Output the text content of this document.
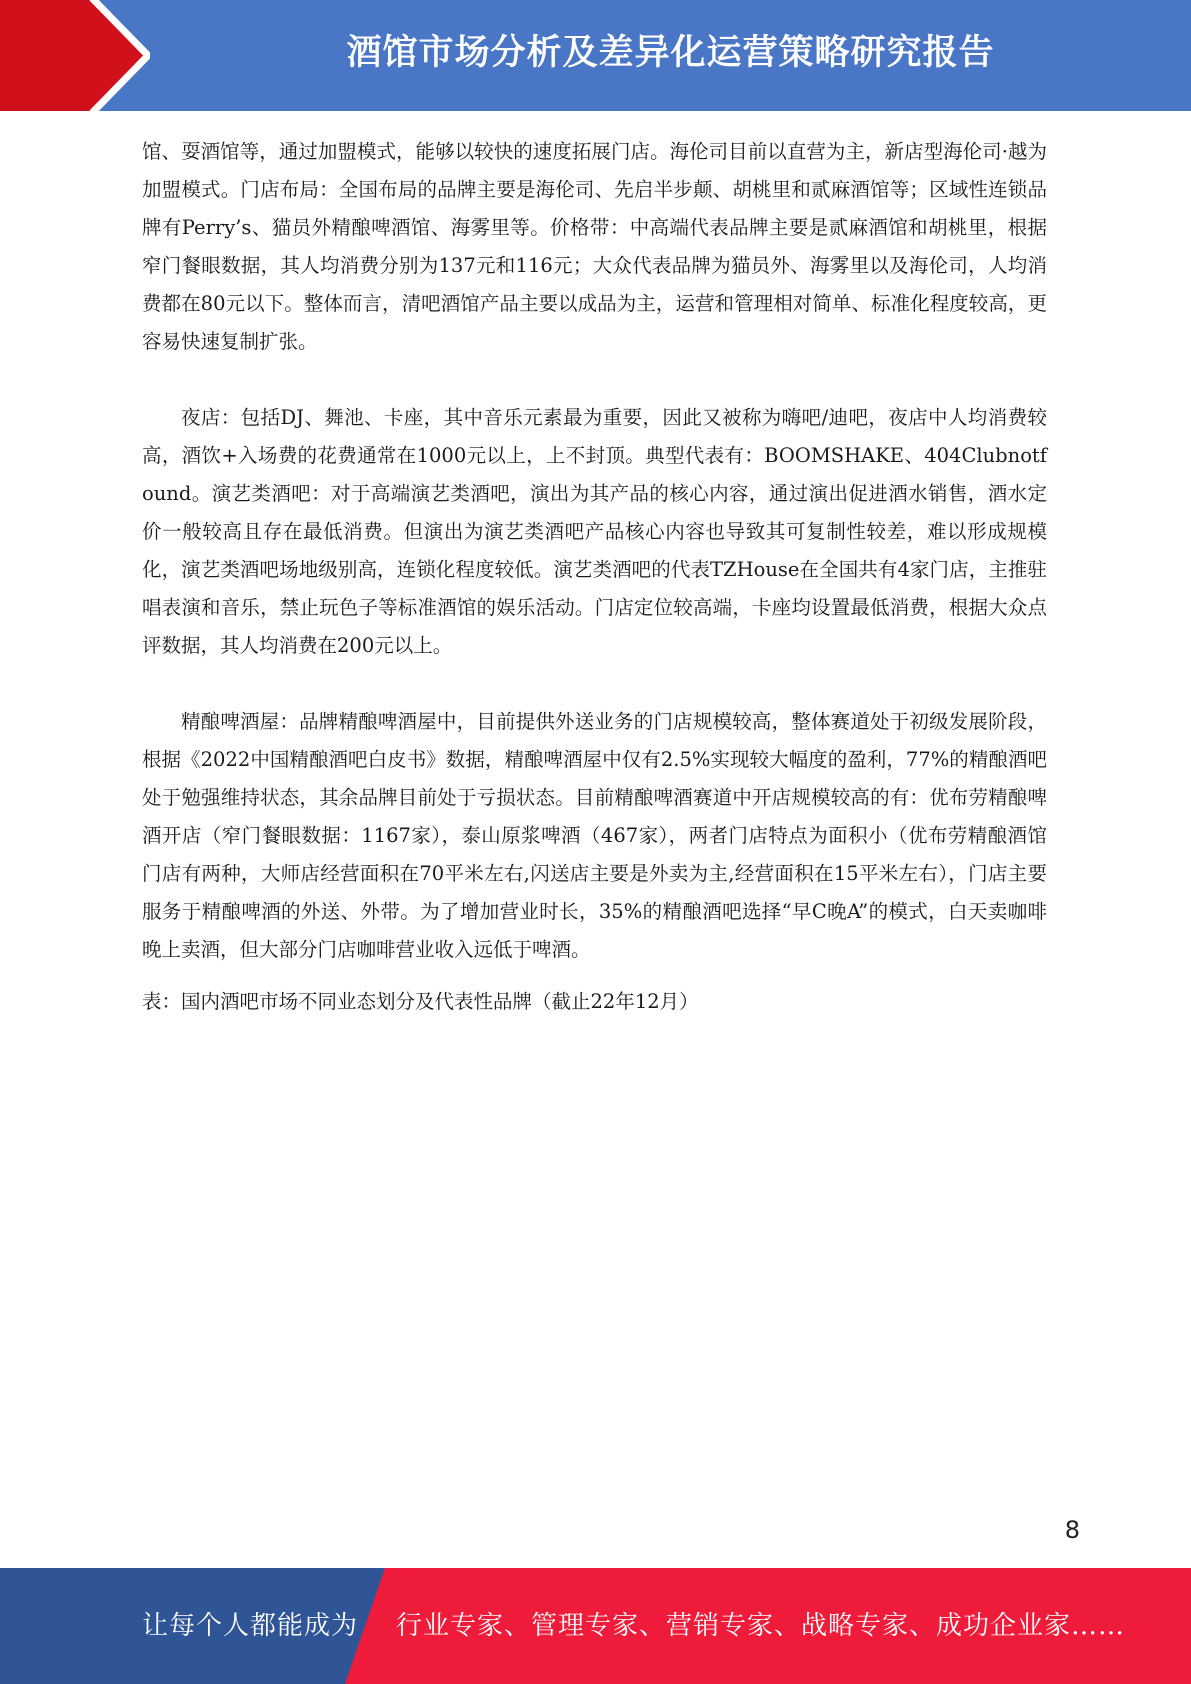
酒馆市场分析及差异化运营策略研究报告

馆、耍酒馆等，通过加盟模式，能够以较快的速度拓展门店。海伦司目前以直营为主，新店型海伦司·越为加盟模式。门店布局：全国布局的品牌主要是海伦司、先启半步颠、胡桃里和贰麻酒馆等；区域性连锁品牌有Perry’s、猫员外精酿啤酒馆、海雾里等。价格带：中高端代表品牌主要是贰麻酒馆和胡桃里，根据窄门餐眼数据，其人均消费分别为137元和116元；大众代表品牌为猫员外、海雾里以及海伦司，人均消费都在80元以下。整体而言，清吧酒馆产品主要以成品为主，运营和管理相对简单、标准化程度较高，更容易快速复制扩张。

夜店：包括DJ、舞池、卡座，其中音乐元素最为重要，因此又被称为嗨吧/迪吧，夜店中人均消费较高，酒饮+入场费的花费通常在1000元以上，上不封顶。典型代表有：BOOMSHAKE、404Clubnotfound。演艺类酒吧：对于高端演艺类酒吧，演出为其产品的核心内容，通过演出促进酒水销售，酒水定价一般较高且存在最低消费。但演出为演艺类酒吧产品核心内容也导致其可复制性较差，难以形成规模化，演艺类酒吧场地级别高，连锁化程度较低。演艺类酒吧的代表TZHouse在全国共有4家门店，主推驻唱表演和音乐，禁止玩色子等标准酒馆的娱乐活动。门店定位较高端，卡座均设置最低消费，根据大众点评数据，其人均消费在200元以上。

精酿啤酒屋：品牌精酿啤酒屋中，目前提供外送业务的门店规模较高，整体赛道处于初级发展阶段，根据《2022中国精酿酒吧白皮书》数据，精酿啤酒屋中仅有2.5%实现较大幅度的盈利，77%的精酿酒吧处于勉强维持状态，其余品牌目前处于亏损状态。目前精酿啤酒赛道中开店规模较高的有：优布劳精酿啤酒开店（窄门餐眼数据：1167家），泰山原浆啤酒（467家），两者门店特点为面积小（优布劳精酿酒馆门店有两种，大师店经营面积在70平米左右,闪送店主要是外卖为主,经营面积在15平米左右），门店主要服务于精酿啤酒的外送、外带。为了增加营业时长，35%的精酿酒吧选择“早C晚A”的模式，白天卖咖啡晚上卖酒，但大部分门店咖啡营业收入远低于啤酒。

表：国内酒吧市场不同业态划分及代表性品牌（截止22年12月）

8
让每个人都能成为 行业专家、管理专家、营销专家、战略专家、成功企业家……
